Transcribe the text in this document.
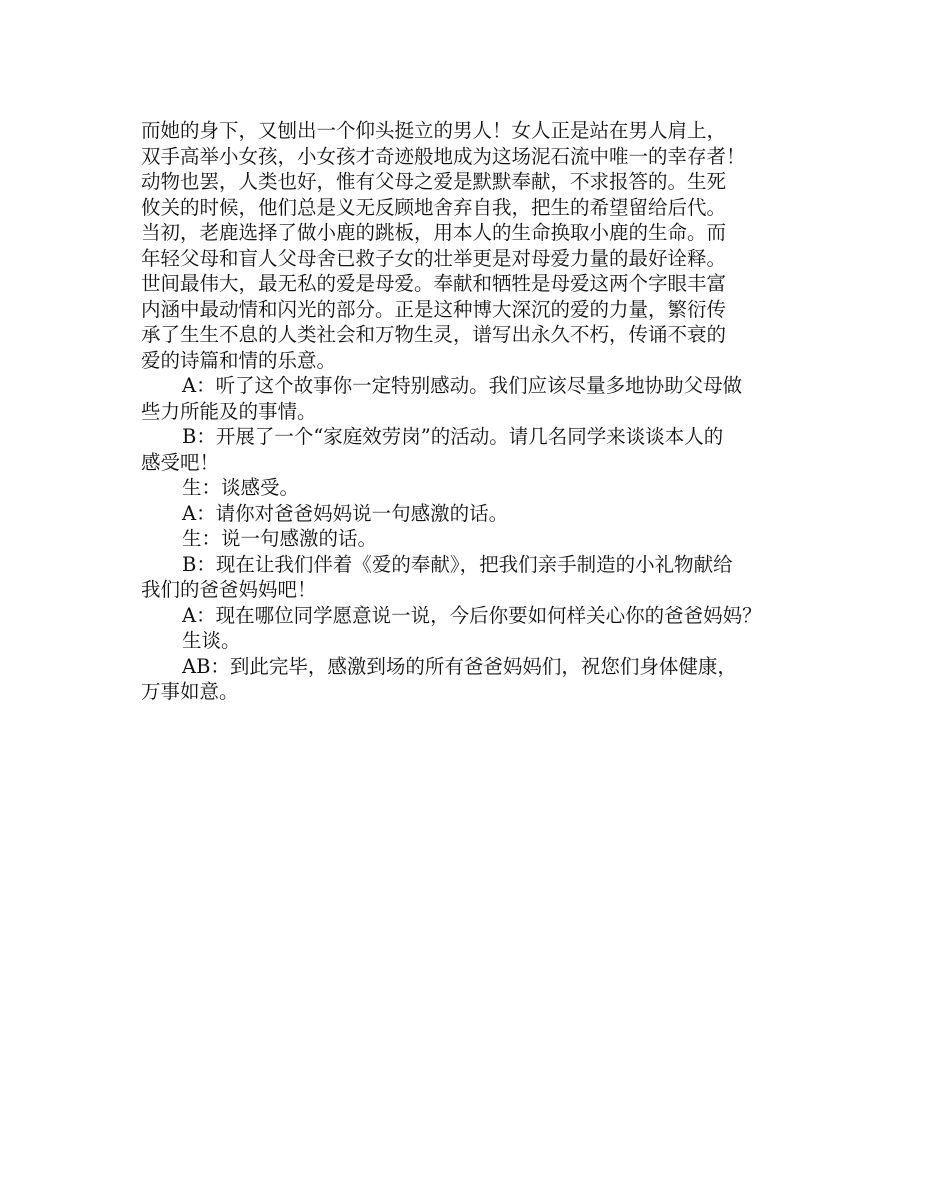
而她的身下，又刨出一个仰头挺立的男人！女人正是站在男人肩上，
双手高举小女孩，小女孩才奇迹般地成为这场泥石流中唯一的幸存者！
动物也罢，人类也好，惟有父母之爱是默默奉献，不求报答的。生死
攸关的时候，他们总是义无反顾地舍弃自我，把生的希望留给后代。
当初，老鹿选择了做小鹿的跳板，用本人的生命换取小鹿的生命。而
年轻父母和盲人父母舍已救子女的壮举更是对母爱力量的最好诠释。
世间最伟大，最无私的爱是母爱。奉献和牺牲是母爱这两个字眼丰富
内涵中最动情和闪光的部分。正是这种博大深沉的爱的力量，繁衍传
承了生生不息的人类社会和万物生灵，谱写出永久不朽，传诵不衰的
爱的诗篇和情的乐意。
A：听了这个故事你一定特别感动。我们应该尽量多地协助父母做
些力所能及的事情。
B：开展了一个“家庭效劳岗”的活动。请几名同学来谈谈本人的
感受吧！
生：谈感受。
A：请你对爸爸妈妈说一句感激的话。
生：说一句感激的话。
B：现在让我们伴着《爱的奉献》，把我们亲手制造的小礼物献给
我们的爸爸妈妈吧！
A：现在哪位同学愿意说一说，今后你要如何样关心你的爸爸妈妈？
生谈。
AB：到此完毕，感激到场的所有爸爸妈妈们，祝您们身体健康，
万事如意。
